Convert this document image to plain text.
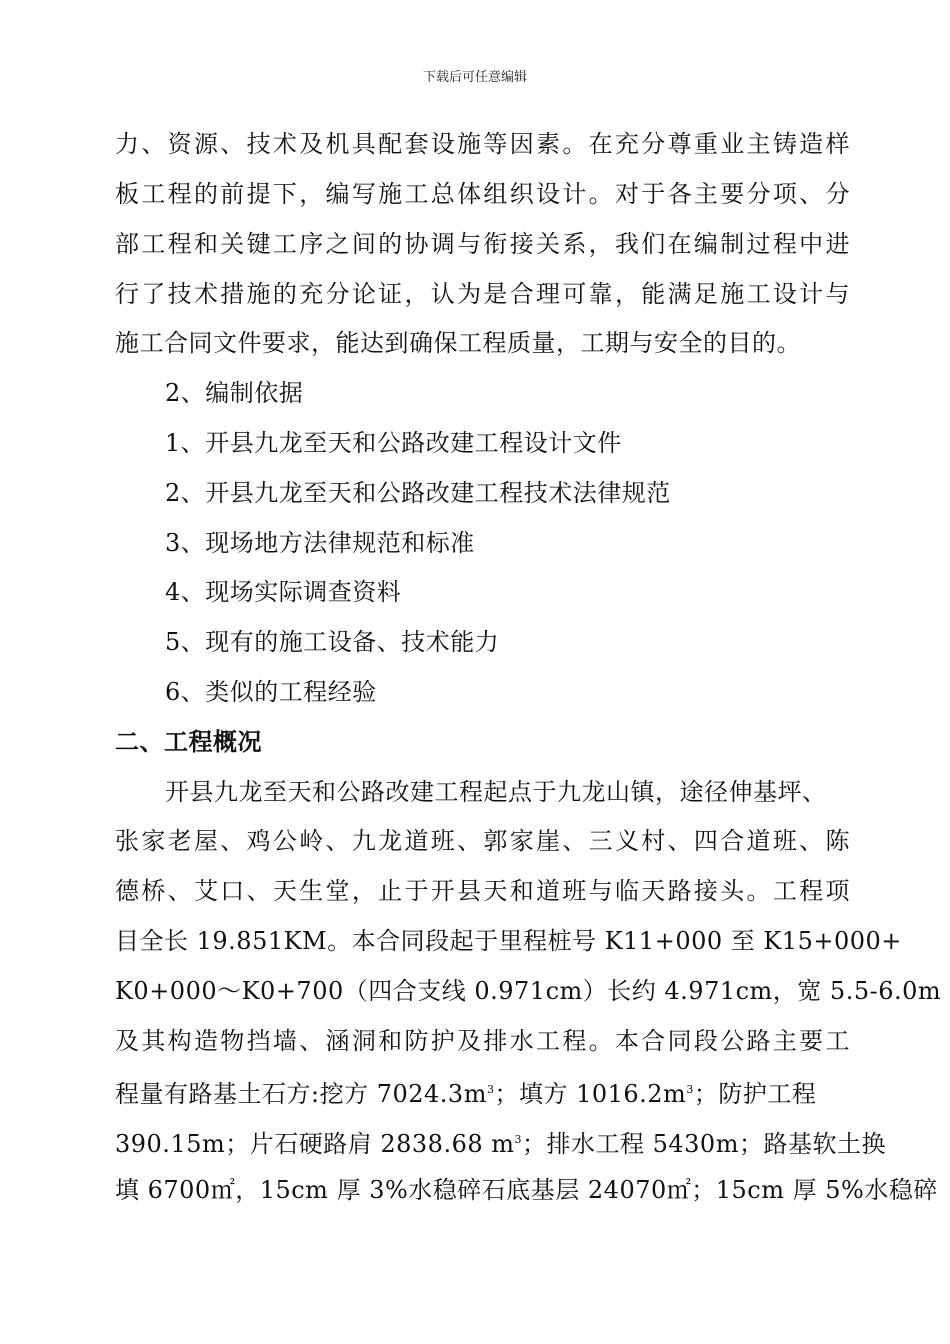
下载后可任意编辑
力、资源、技术及机具配套设施等因素。在充分尊重业主铸造样
板工程的前提下，编写施工总体组织设计。对于各主要分项、分
部工程和关键工序之间的协调与衔接关系，我们在编制过程中进
行了技术措施的充分论证，认为是合理可靠，能满足施工设计与
施工合同文件要求，能达到确保工程质量，工期与安全的目的。
2、编制依据
1、开县九龙至天和公路改建工程设计文件
2、开县九龙至天和公路改建工程技术法律规范
3、现场地方法律规范和标准
4、现场实际调查资料
5、现有的施工设备、技术能力
6、类似的工程经验
二、工程概况
开县九龙至天和公路改建工程起点于九龙山镇，途径伸基坪、
张家老屋、鸡公岭、九龙道班、郭家崖、三义村、四合道班、陈
德桥、艾口、天生堂，止于开县天和道班与临天路接头。工程项
目全长 19.851KM。本合同段起于里程桩号 K11+000 至 K15+000+
K0+000～K0+700（四合支线 0.971cm）长约 4.971cm，宽 5.5-6.0m
及其构造物挡墙、涵洞和防护及排水工程。本合同段公路主要工
程量有路基土石方:挖方 $7024.3m^3$；填方 $1016.2m^3$；防护工程
390.15m；片石硬路肩 2838.68 $m^3$；排水工程 5430m；路基软土换
填 6700㎡，15cm 厚 3%水稳碎石底基层 24070㎡；15cm 厚 5%水稳碎
